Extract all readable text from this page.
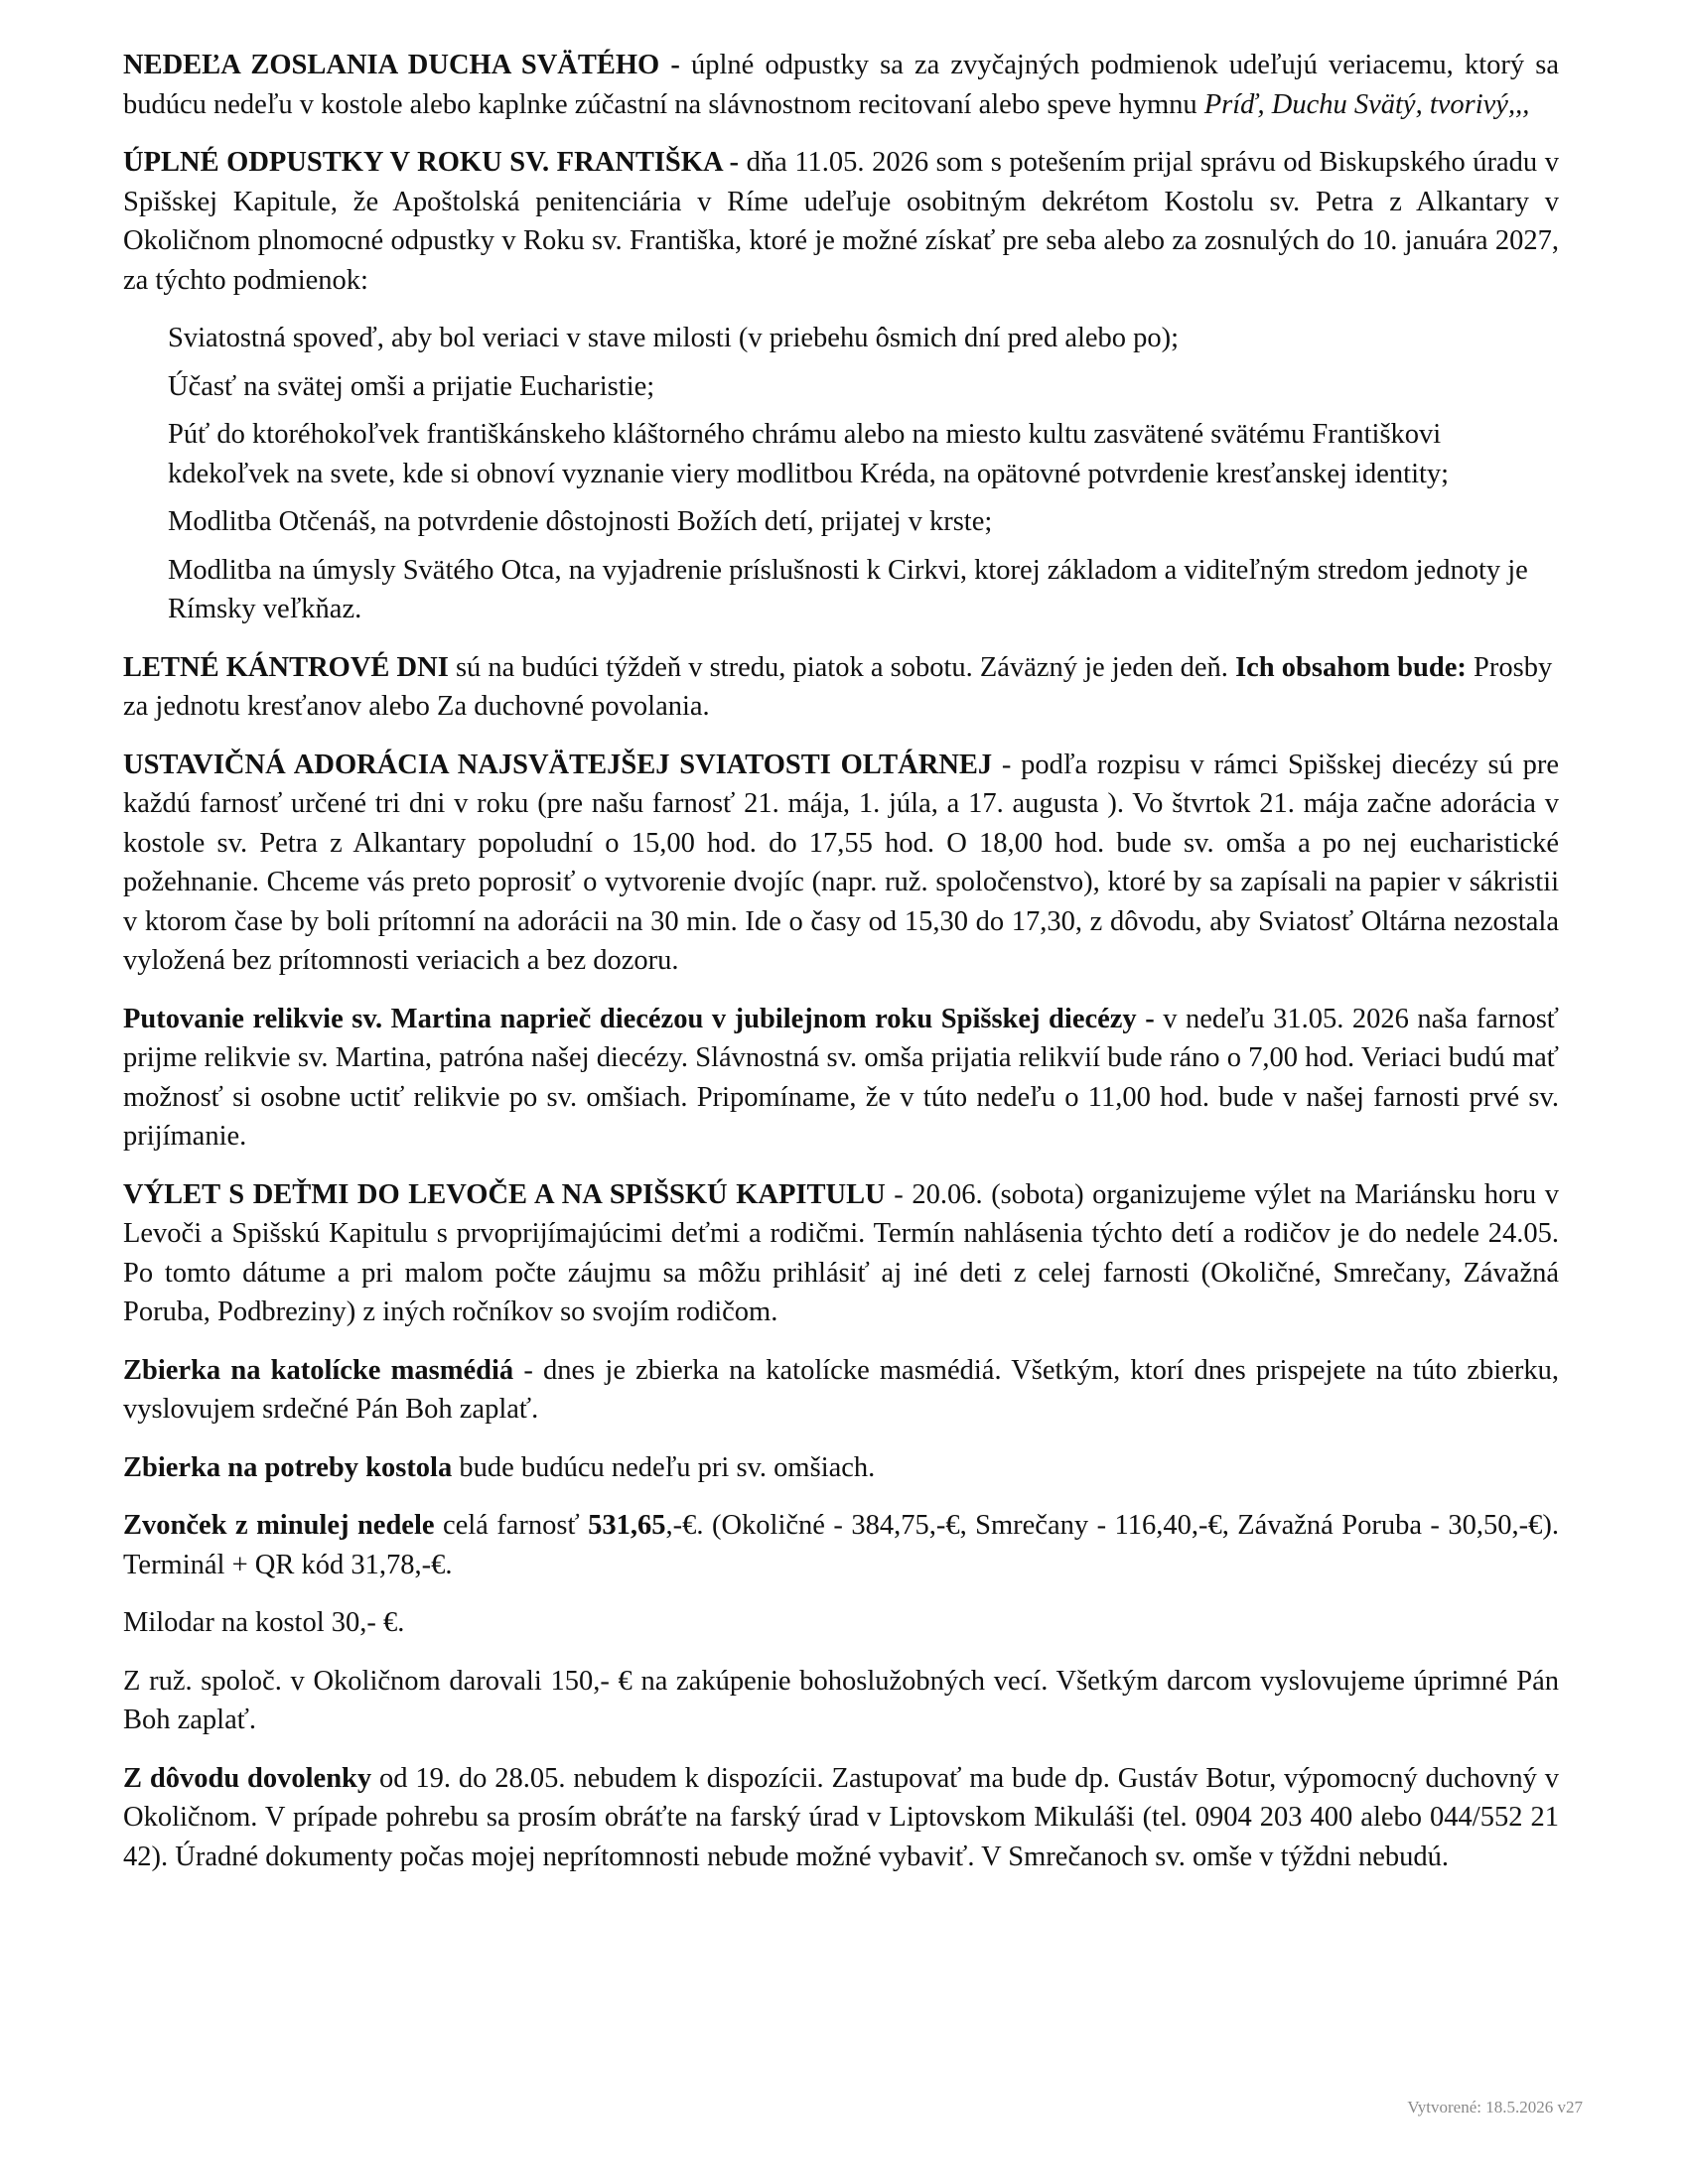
NEDEĽA ZOSLANIA DUCHA SVÄTÉHO - úplné odpustky sa za zvyčajných podmienok udeľujú veriacemu, ktorý sa budúcu nedeľu v kostole alebo kaplnke zúčastní na slávnostnom recitovaní alebo speve hymnu Príď, Duchu Svätý, tvorivý,,,

ÚPLNÉ ODPUSTKY V ROKU SV. FRANTIŠKA - dňa 11.05. 2026 som s potešením prijal správu od Biskupského úradu v Spišskej Kapitule, že Apoštolská penitenciária v Ríme udeľuje osobitným dekrétom Kostolu sv. Petra z Alkantary v Okoličnom plnomocné odpustky v Roku sv. Františka, ktoré je možné získať pre seba alebo za zosnulých do 10. januára 2027, za týchto podmienok:

Sviatostná spoveď, aby bol veriaci v stave milosti (v priebehu ôsmich dní pred alebo po);
Účasť na svätej omši a prijatie Eucharistie;
Púť do ktoréhokoľvek františkánskeho kláštorného chrámu alebo na miesto kultu zasvätené svätému Františkovi kdekoľvek na svete, kde si obnoví vyznanie viery modlitbou Kréda, na opätovné potvrdenie kresťanskej identity;
Modlitba Otčenáš, na potvrdenie dôstojnosti Božích detí, prijatej v krste;
Modlitba na úmysly Svätého Otca, na vyjadrenie príslušnosti k Cirkvi, ktorej základom a viditeľným stredom jednoty je Rímsky veľkňaz.

LETNÉ KÁNTROVÉ DNI sú na budúci týždeň v stredu, piatok a sobotu. Záväzný je jeden deň. Ich obsahom bude: Prosby za jednotu kresťanov alebo Za duchovné povolania.

USTAVIČNÁ ADORÁCIA NAJSVÄTEJŠEJ SVIATOSTI OLTÁRNEJ - podľa rozpisu v rámci Spišskej diecézy sú pre každú farnosť určené tri dni v roku (pre našu farnosť 21. mája, 1. júla, a 17. augusta ). Vo štvrtok 21. mája začne adorácia v kostole sv. Petra z Alkantary popoludní o 15,00 hod. do 17,55 hod. O 18,00 hod. bude sv. omša a po nej eucharistické požehnanie. Chceme vás preto poprosiť o vytvorenie dvojíc (napr. ruž. spoločenstvo), ktoré by sa zapísali na papier v sákristii v ktorom čase by boli prítomní na adorácii na 30 min. Ide o časy od 15,30 do 17,30, z dôvodu, aby Sviatosť Oltárna nezostala vyložená bez prítomnosti veriacich a bez dozoru.

Putovanie relikvie sv. Martina naprieč diecézou v jubilejnom roku Spišskej diecézy - v nedeľu 31.05. 2026 naša farnosť prijme relikvie sv. Martina, patróna našej diecézy. Slávnostná sv. omša prijatia relikvií bude ráno o 7,00 hod. Veriaci budú mať možnosť si osobne uctiť relikvie po sv. omšiach. Pripomíname, že v túto nedeľu o 11,00 hod. bude v našej farnosti prvé sv. prijímanie.

VÝLET S DEŤMI DO LEVOČE A NA SPIŠSKÚ KAPITULU - 20.06. (sobota) organizujeme výlet na Mariánsku horu v Levoči a Spišskú Kapitulu s prvoprijímajúcimi deťmi a rodičmi. Termín nahlásenia týchto detí a rodičov je do nedele 24.05. Po tomto dátume a pri malom počte záujmu sa môžu prihlásiť aj iné deti z celej farnosti (Okoličné, Smrečany, Závažná Poruba, Podbreziny) z iných ročníkov so svojím rodičom.

Zbierka na katolícke masmédiá - dnes je zbierka na katolícke masmédiá. Všetkým, ktorí dnes prispejete na túto zbierku, vyslovujem srdečné Pán Boh zaplať.

Zbierka na potreby kostola bude budúcu nedeľu pri sv. omšiach.

Zvonček z minulej nedele celá farnosť 531,65,-€. (Okoličné - 384,75,-€, Smrečany - 116,40,-€, Závažná Poruba - 30,50,-€). Terminál + QR kód 31,78,-€.

Milodar na kostol 30,- €.

Z ruž. spoloč. v Okoličnom darovali 150,- € na zakúpenie bohoslužobných vecí. Všetkým darcom vyslovujeme úprimné Pán Boh zaplať.

Z dôvodu dovolenky od 19. do 28.05. nebudem k dispozícii. Zastupovať ma bude dp. Gustáv Botur, výpomocný duchovný v Okoličnom. V prípade pohrebu sa prosím obráťte na farský úrad v Liptovskom Mikuláši (tel. 0904 203 400 alebo 044/552 21 42). Úradné dokumenty počas mojej neprítomnosti nebude možné vybaviť. V Smrečanoch sv. omše v týždni nebudú.

Vytvorené: 18.5.2026 v27
